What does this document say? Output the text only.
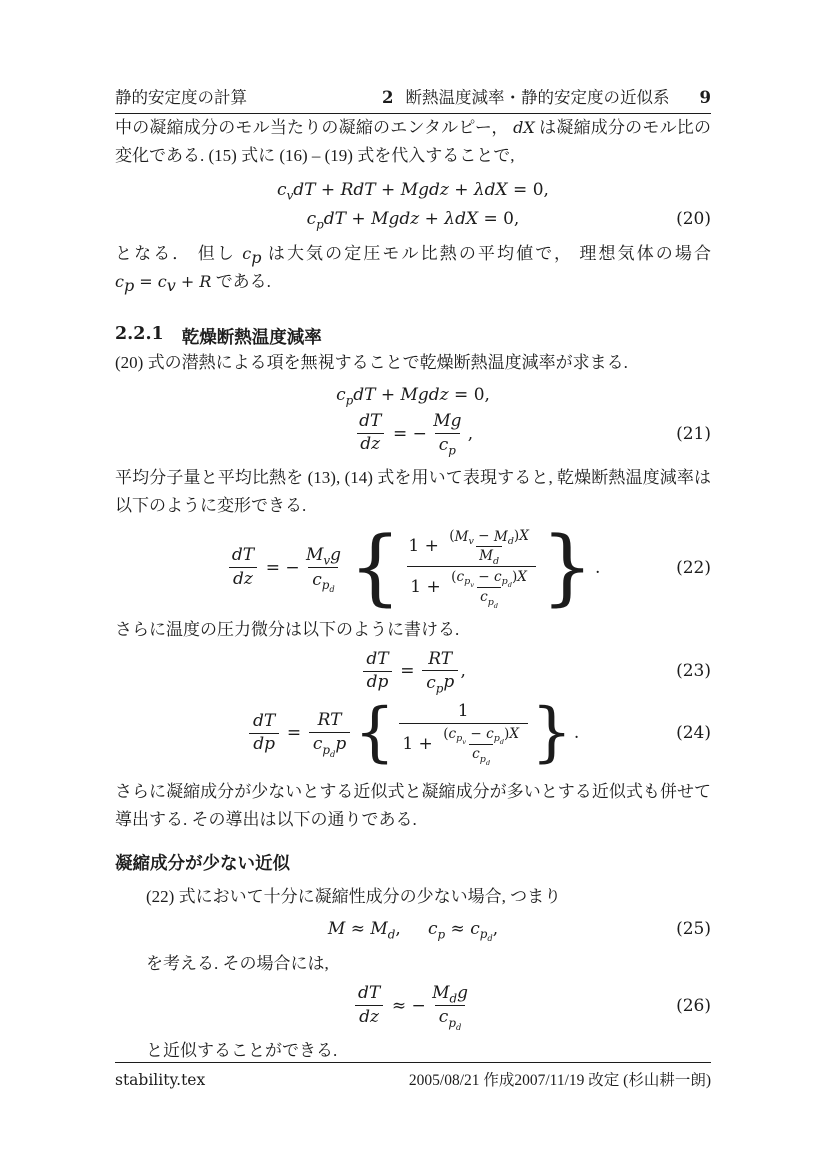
静的安定度の計算	2 断熱温度減率・静的安定度の近似系 9

中の凝縮成分のモル当たりの凝縮のエンタルピー， dX は凝縮成分のモル比の変化である. (15) 式に (16) – (19) 式を代入することで,

$c_v$ dT + RdT + Mgdz + λdX = 0,
$c_p$ dT + Mgdz + λdX = 0,	(20)

となる． 但し $c_p$ は大気の定圧モル比熱の平均値で， 理想気体の場合 $c_p = c_v + R$ である.

2.2.1 乾燥断熱温度減率

(20) 式の潜熱による項を無視することで乾燥断熱温度減率が求まる.

$c_p$ dT + Mgdz = 0,
$\frac{dT}{dz}$ = − $\frac{Mg}{c_p}$ ,	(21)

平均分子量と平均比熱を (13), (14) 式を用いて表現すると, 乾燥断熱温度減率は以下のように変形できる.

$\frac{dT}{dz}$ = − $\frac{M_v g}{c_{p_d}}$ { $1 + \frac{( M_v - M_d ) X}{M_d}$
1 + ( $c_{p_v}$
− $c_{p_d}$
) X
$c_{p_d}$ } .	(22)

さらに温度の圧力微分は以下のように書ける.

$\frac{dT}{dp} = \frac{RT}{c_p p}$ ,	(23)
$\frac{dT}{dp}$ = RT
$c_{p_d}$
p { 1
1 + ( $c_{p_v}$
− $c_{p_d}$
) X
$c_{p_d}$ } .	(24)

さらに凝縮成分が少ないとする近似式と凝縮成分が多いとする近似式も併せて導出する. その導出は以下の通りである.

凝縮成分が少ない近似

(22) 式において十分に凝縮性成分の少ない場合, つまり

$M \approx M_d$ , $c_p \approx c_{p_d}$ ,	(25)

を考える. その場合には,

$\frac{dT}{dz}$ ≈ − $\frac{M_d g}{c_{p_d}}$	(26)

と近似することができる.

stability.tex	2005/08/21 作成2007/11/19 改定 (杉山耕一朗)
